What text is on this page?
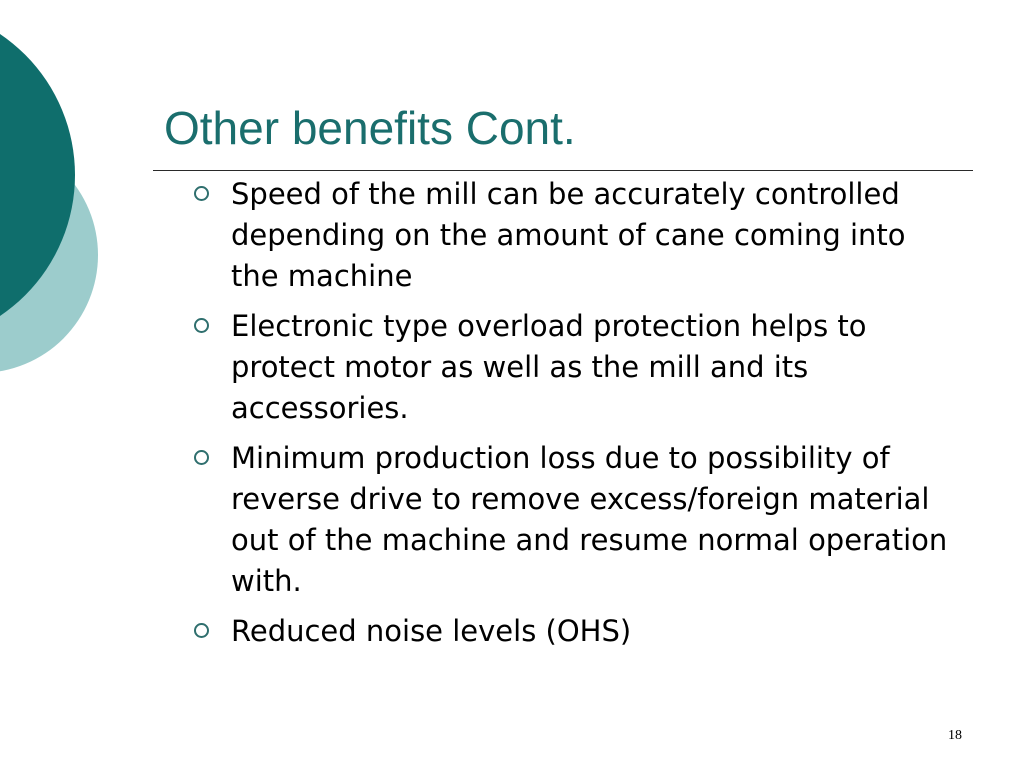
Other benefits Cont.
Speed of the mill can be accurately controlled depending on the amount of cane coming into the machine
Electronic type overload protection helps to protect motor as well as the mill and its accessories.
Minimum production loss due to possibility of reverse drive to remove excess/foreign material out of the machine and resume normal operation with.
Reduced noise levels (OHS)
18
